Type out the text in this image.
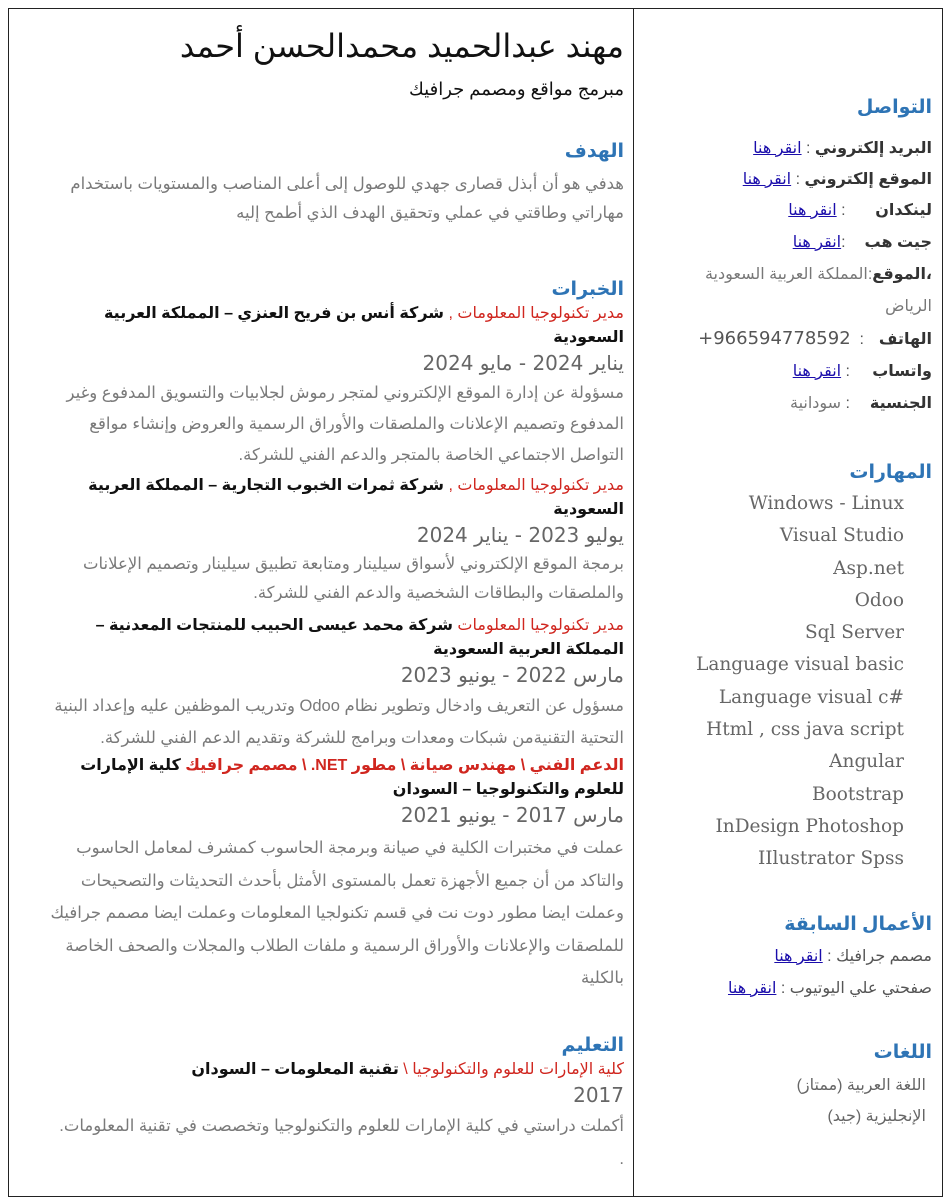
مهند عبدالحميد محمدالحسن أحمد
مبرمج مواقع ومصمم جرافيك
الهدف
هدفي هو أن أبذل قصارى جهدي للوصول إلى أعلى المناصب والمستويات باستخدام
مهاراتي وطاقتي في عملي وتحقيق الهدف الذي أطمح إليه
الخبرات
مدير تكنولوجيا المعلومات , شركة أنس بن فريح العنزي – المملكة العربية السعودية
يناير 2024 - مايو 2024
مسؤولة عن إدارة الموقع الإلكتروني لمتجر رموش لجلابيات والتسويق المدفوع وغير المدفوع وتصميم الإعلانات والملصقات والأوراق الرسمية والعروض وإنشاء مواقع التواصل الاجتماعي الخاصة بالمتجر والدعم الفني للشركة.
مدير تكنولوجيا المعلومات , شركة ثمرات الخبوب التجارية – المملكة العربية السعودية
يوليو 2023 - يناير 2024
برمجة الموقع الإلكتروني لأسواق سيلينار ومتابعة تطبيق سيلينار وتصميم الإعلانات والملصقات والبطاقات الشخصية والدعم الفني للشركة.
مدير تكنولوجيا المعلومات شركة محمد عيسى الحبيب للمنتجات المعدنية – المملكة العربية السعودية
مارس 2022 - يونيو 2023
مسؤول عن التعريف وادخال وتطوير نظام Odoo وتدريب الموظفين عليه وإعداد البنية التحتية التقنيةمن شبكات ومعدات وبرامج للشركة وتقديم الدعم الفني للشركة.
الدعم الفني \ مهندس صيانة \ مطور NET. \ مصمم جرافيك كلية الإمارات للعلوم والتكنولوجيا – السودان
مارس 2017 - يونيو 2021
عملت في مختبرات الكلية في صيانة وبرمجة الحاسوب كمشرف لمعامل الحاسوب والتاكد من أن جميع الأجهزة تعمل بالمستوى الأمثل بأحدث التحديثات والتصحيحات وعملت ايضا مطور دوت نت في قسم تكنولجيا المعلومات وعملت ايضا مصمم جرافيك للملصقات والإعلانات والأوراق الرسمية و ملفات الطلاب والمجلات والصحف الخاصة بالكلية
التعليم
كلية الإمارات للعلوم والتكنولوجيا \ تقنية المعلومات – السودان
2017
أكملت دراستي في كلية الإمارات للعلوم والتكنولوجيا وتخصصت في تقنية المعلومات.
.
التواصل
البريد إلكتروني : انقر هنا
الموقع إلكتروني : انقر هنا
لينكدان : انقر هنا
جيت هب :انقر هنا
،الموقع:المملكة العربية السعودية
الرياض
الهاتف:  +966594778592
واتساب: انقر هنا
الجنسية: سودانية
المهارات
Windows - Linux
Visual Studio
Asp.net
Odoo
Sql Server
Language visual basic
Language visual c#
Html , css java script
Angular
Bootstrap
InDesign Photoshop
IIlustrator Spss
الأعمال السابقة
مصمم جرافيك : انقر هنا
صفحتي علي اليوتيوب : انقر هنا
اللغات
اللغة العربية (ممتاز)
الإنجليزية (جيد)
